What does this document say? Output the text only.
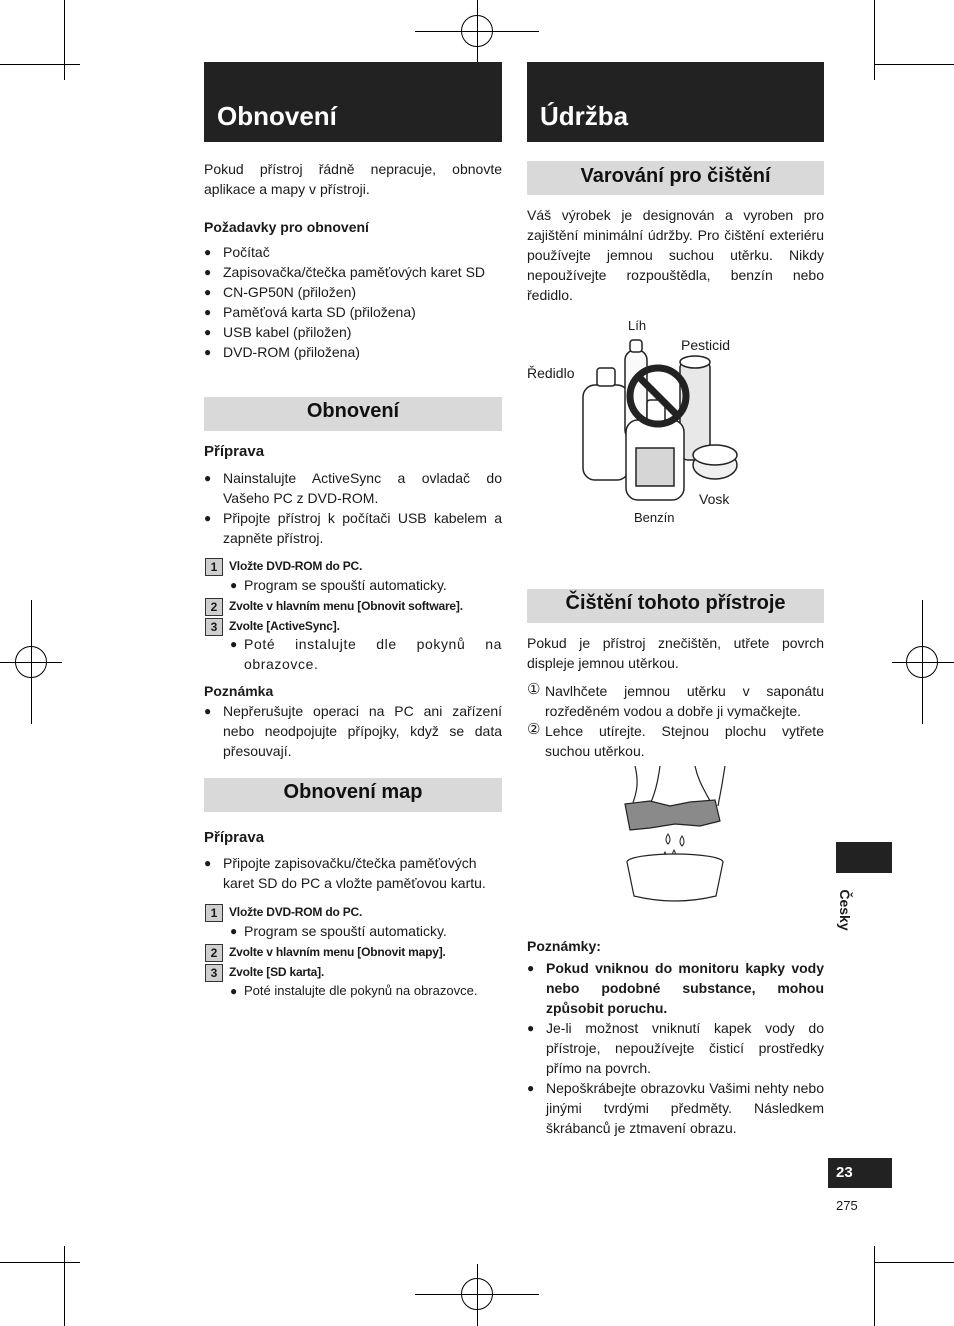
Obnovení
Pokud přístroj řádně nepracuje, obnovte aplikace a mapy v přístroji.
Požadavky pro obnovení
● Počítač
● Zapisovačka/čtečka paměťových karet SD
● CN-GP50N (přiložen)
● Paměťová karta SD (přiložena)
● USB kabel (přiložen)
● DVD-ROM (přiložena)
Obnovení
Příprava
● Nainstalujte ActiveSync a ovladač do Vašeho PC z DVD-ROM.
● Připojte přístroj k počítači USB kabelem a zapněte přístroj.
1 Vložte DVD-ROM do PC.
● Program se spouští automaticky.
2 Zvolte v hlavním menu [Obnovit software].
3 Zvolte [ActiveSync].
● Poté instalujte dle pokynů na obrazovce.
Poznámka
● Nepřerušujte operaci na PC ani zařízení nebo neodpojujte přípojky, když se data přesouvají.
Obnovení map
Příprava
● Připojte zapisovačku/čtečka paměťových karet SD do PC a vložte paměťovou kartu.
1 Vložte DVD-ROM do PC.
● Program se spouští automaticky.
2 Zvolte v hlavním menu [Obnovit mapy].
3 Zvolte [SD karta].
● Poté instalujte dle pokynů na obrazovce.
Údržba
Varování pro čištění
Váš výrobek je designován a vyroben pro zajištění minimální údržby. Pro čištění exteriéru používejte jemnou suchou utěrku. Nikdy nepoužívejte rozpouštědla, benzín nebo ředidlo.
Líh
Pesticid
Ředidlo
Vosk
Benzín
Čištění tohoto přístroje
Pokud je přístroj znečištěn, utřete povrch displeje jemnou utěrkou.
① Navlhčete jemnou utěrku v saponátu rozředěném vodou a dobře ji vymačkejte.
② Lehce utírejte. Stejnou plochu vytřete suchou utěrkou.
Poznámky:
● Pokud vniknou do monitoru kapky vody nebo podobné substance, mohou způsobit poruchu.
● Je-li možnost vniknutí kapek vody do přístroje, nepoužívejte čisticí prostředky přímo na povrch.
● Nepoškrábejte obrazovku Vašimi nehty nebo jinými tvrdými předměty. Následkem škrábanců je ztmavení obrazu.
Česky
23
275
